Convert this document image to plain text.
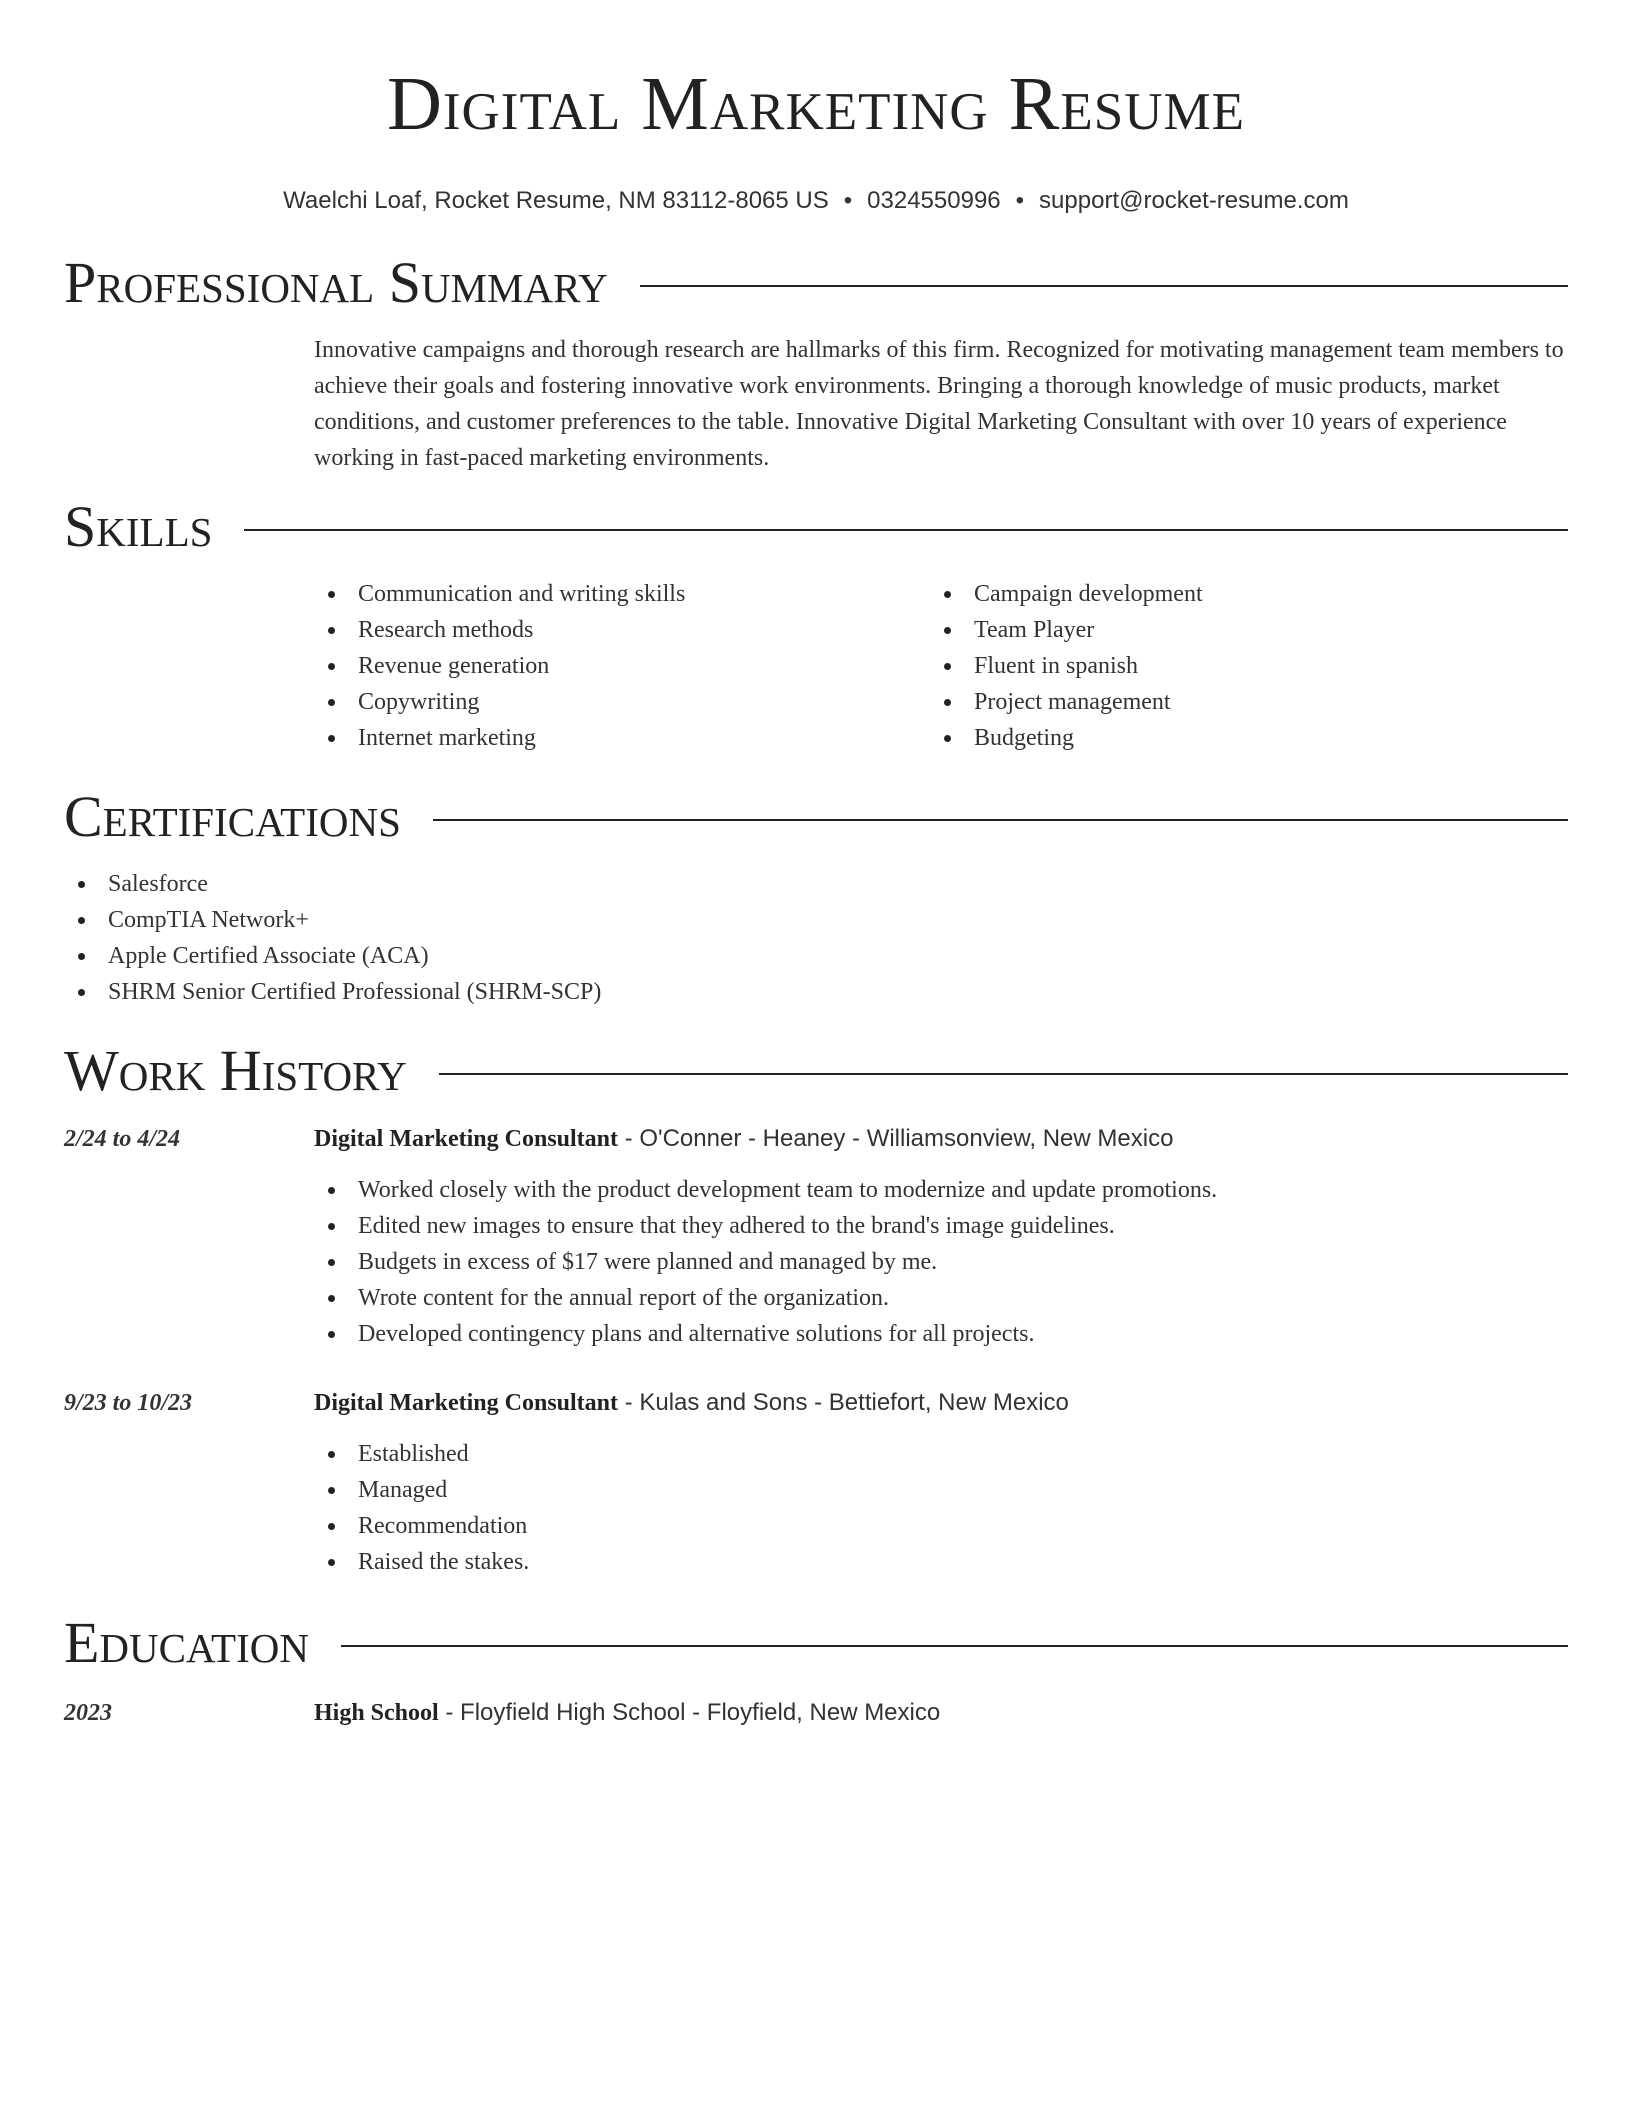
Digital Marketing Resume
Waelchi Loaf, Rocket Resume, NM 83112-8065 US • 0324550996 • support@rocket-resume.com
Professional Summary

Innovative campaigns and thorough research are hallmarks of this firm. Recognized for motivating management team members to achieve their goals and fostering innovative work environments. Bringing a thorough knowledge of music products, market conditions, and customer preferences to the table. Innovative Digital Marketing Consultant with over 10 years of experience working in fast-paced marketing environments.

Skills
Communication and writing skills
Research methods
Revenue generation
Copywriting
Internet marketing
Campaign development
Team Player
Fluent in spanish
Project management
Budgeting
Certifications
Salesforce
CompTIA Network+
Apple Certified Associate (ACA)
SHRM Senior Certified Professional (SHRM-SCP)
Work History
2/24 to 4/24	Digital Marketing Consultant - O'Conner - Heaney - Williamsonview, New Mexico
Worked closely with the product development team to modernize and update promotions.
Edited new images to ensure that they adhered to the brand's image guidelines.
Budgets in excess of $17 were planned and managed by me.
Wrote content for the annual report of the organization.
Developed contingency plans and alternative solutions for all projects.
9/23 to 10/23	Digital Marketing Consultant - Kulas and Sons - Bettiefort, New Mexico
Established
Managed
Recommendation
Raised the stakes.
Education
2023	High School - Floyfield High School - Floyfield, New Mexico
